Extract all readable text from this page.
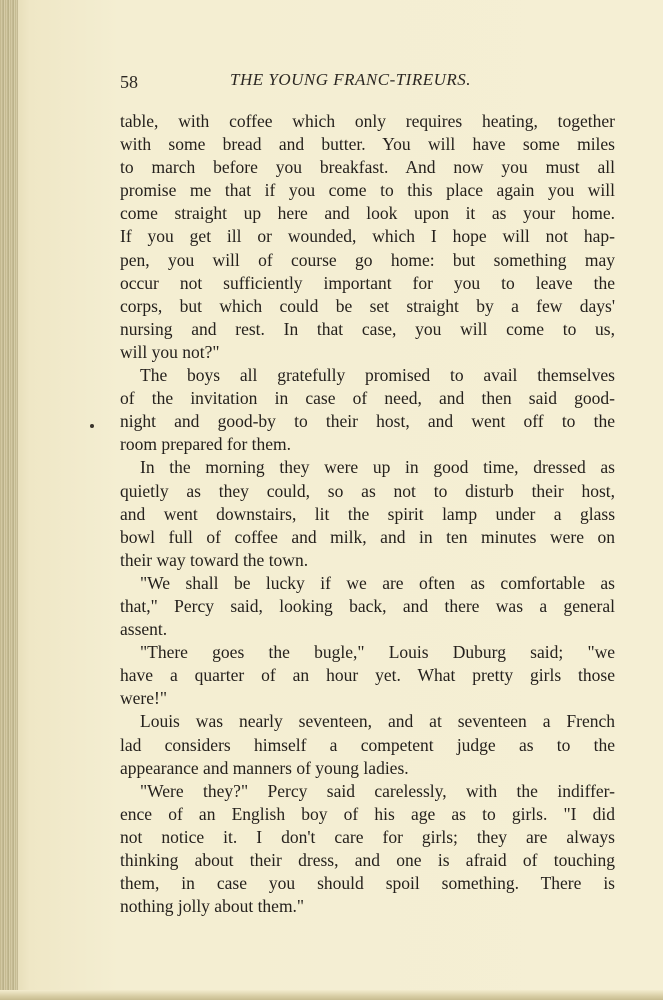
58	THE YOUNG FRANC-TIREURS.
table, with coffee which only requires heating, together
with some bread and butter. You will have some miles
to march before you breakfast. And now you must all
promise me that if you come to this place again you will
come straight up here and look upon it as your home.
If you get ill or wounded, which I hope will not hap-
pen, you will of course go home: but something may
occur not sufficiently important for you to leave the
corps, but which could be set straight by a few days'
nursing and rest. In that case, you will come to us,
will you not?"
The boys all gratefully promised to avail themselves
of the invitation in case of need, and then said good-
night and good-by to their host, and went off to the
room prepared for them.
In the morning they were up in good time, dressed as
quietly as they could, so as not to disturb their host,
and went downstairs, lit the spirit lamp under a glass
bowl full of coffee and milk, and in ten minutes were on
their way toward the town.
"We shall be lucky if we are often as comfortable as
that," Percy said, looking back, and there was a general
assent.
"There goes the bugle," Louis Duburg said; "we
have a quarter of an hour yet. What pretty girls those
were!"
Louis was nearly seventeen, and at seventeen a French
lad considers himself a competent judge as to the
appearance and manners of young ladies.
"Were they?" Percy said carelessly, with the indiffer-
ence of an English boy of his age as to girls. "I did
not notice it. I don't care for girls; they are always
thinking about their dress, and one is afraid of touching
them, in case you should spoil something. There is
nothing jolly about them."
